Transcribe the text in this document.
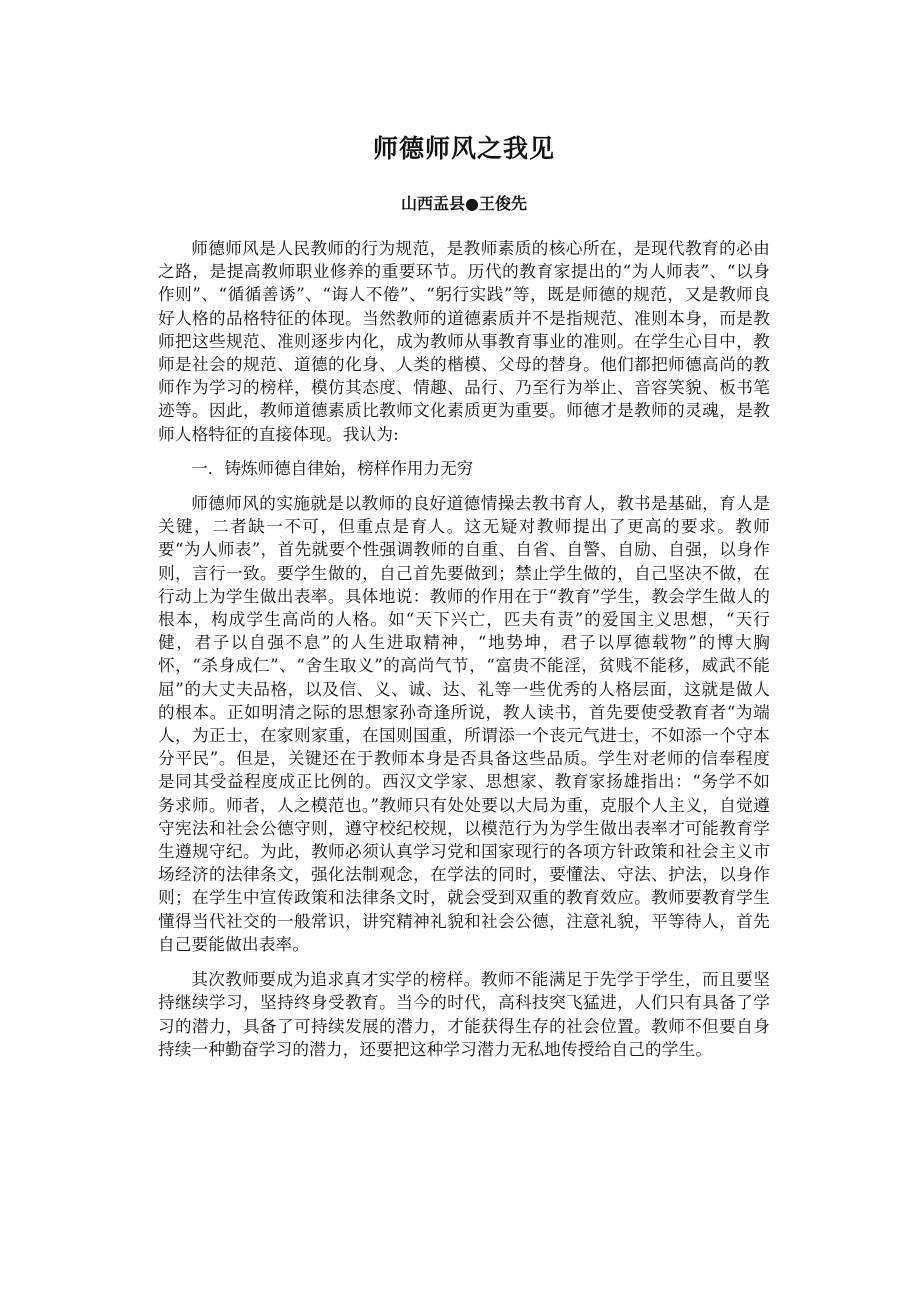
师德师风之我见
山西盂县●王俊先

师德师风是人民教师的行为规范，是教师素质的核心所在，是现代教育的必由之路，是提高教师职业修养的重要环节。历代的教育家提出的“为人师表”、“以身作则”、“循循善诱”、“诲人不倦”、“躬行实践”等，既是师德的规范，又是教师良好人格的品格特征的体现。当然教师的道德素质并不是指规范、准则本身，而是教师把这些规范、准则逐步内化，成为教师从事教育事业的准则。在学生心目中，教师是社会的规范、道德的化身、人类的楷模、父母的替身。他们都把师德高尚的教师作为学习的榜样，模仿其态度、情趣、品行、乃至行为举止、音容笑貌、板书笔迹等。因此，教师道德素质比教师文化素质更为重要。师德才是教师的灵魂，是教师人格特征的直接体现。我认为:

一．铸炼师德自律始，榜样作用力无穷

师德师风的实施就是以教师的良好道德情操去教书育人，教书是基础，育人是关键，二者缺一不可，但重点是育人。这无疑对教师提出了更高的要求。教师要“为人师表”，首先就要个性强调教师的自重、自省、自警、自励、自强，以身作则，言行一致。要学生做的，自己首先要做到；禁止学生做的，自己坚决不做，在行动上为学生做出表率。具体地说：教师的作用在于“教育”学生，教会学生做人的根本，构成学生高尚的人格。如“天下兴亡，匹夫有责”的爱国主义思想，“天行健，君子以自强不息”的人生进取精神，“地势坤，君子以厚德载物”的博大胸怀，“杀身成仁”、“舍生取义”的高尚气节，“富贵不能淫，贫贱不能移，威武不能屈”的大丈夫品格，以及信、义、诚、达、礼等一些优秀的人格层面，这就是做人的根本。正如明清之际的思想家孙奇逢所说，教人读书，首先要使受教育者“为端人，为正士，在家则家重，在国则国重，所谓添一个丧元气进士，不如添一个守本分平民”。但是，关键还在于教师本身是否具备这些品质。学生对老师的信奉程度是同其受益程度成正比例的。西汉文学家、思想家、教育家扬雄指出：“务学不如务求师。师者，人之模范也。”教师只有处处要以大局为重，克服个人主义，自觉遵守宪法和社会公德守则，遵守校纪校规，以模范行为为学生做出表率才可能教育学生遵规守纪。为此，教师必须认真学习党和国家现行的各项方针政策和社会主义市场经济的法律条文，强化法制观念，在学法的同时，要懂法、守法、护法，以身作则；在学生中宣传政策和法律条文时，就会受到双重的教育效应。教师要教育学生懂得当代社交的一般常识，讲究精神礼貌和社会公德，注意礼貌，平等待人，首先自己要能做出表率。

其次教师要成为追求真才实学的榜样。教师不能满足于先学于学生，而且要坚持继续学习，坚持终身受教育。当今的时代，高科技突飞猛进，人们只有具备了学习的潜力，具备了可持续发展的潜力，才能获得生存的社会位置。教师不但要自身持续一种勤奋学习的潜力，还要把这种学习潜力无私地传授给自己的学生。
